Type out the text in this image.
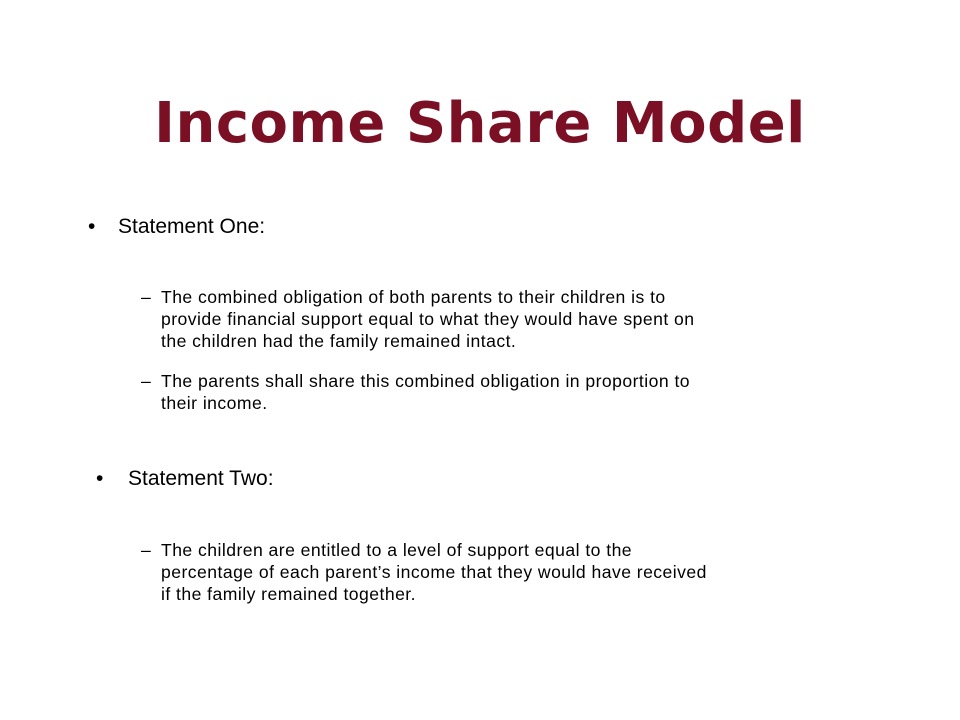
Income Share Model
• Statement One:
– The combined obligation of both parents to their children is to
provide financial support equal to what they would have spent on
the children had the family remained intact.
– The parents shall share this combined obligation in proportion to
their income.
• Statement Two:
– The children are entitled to a level of support equal to the
percentage of each parent’s income that they would have received
if the family remained together.
